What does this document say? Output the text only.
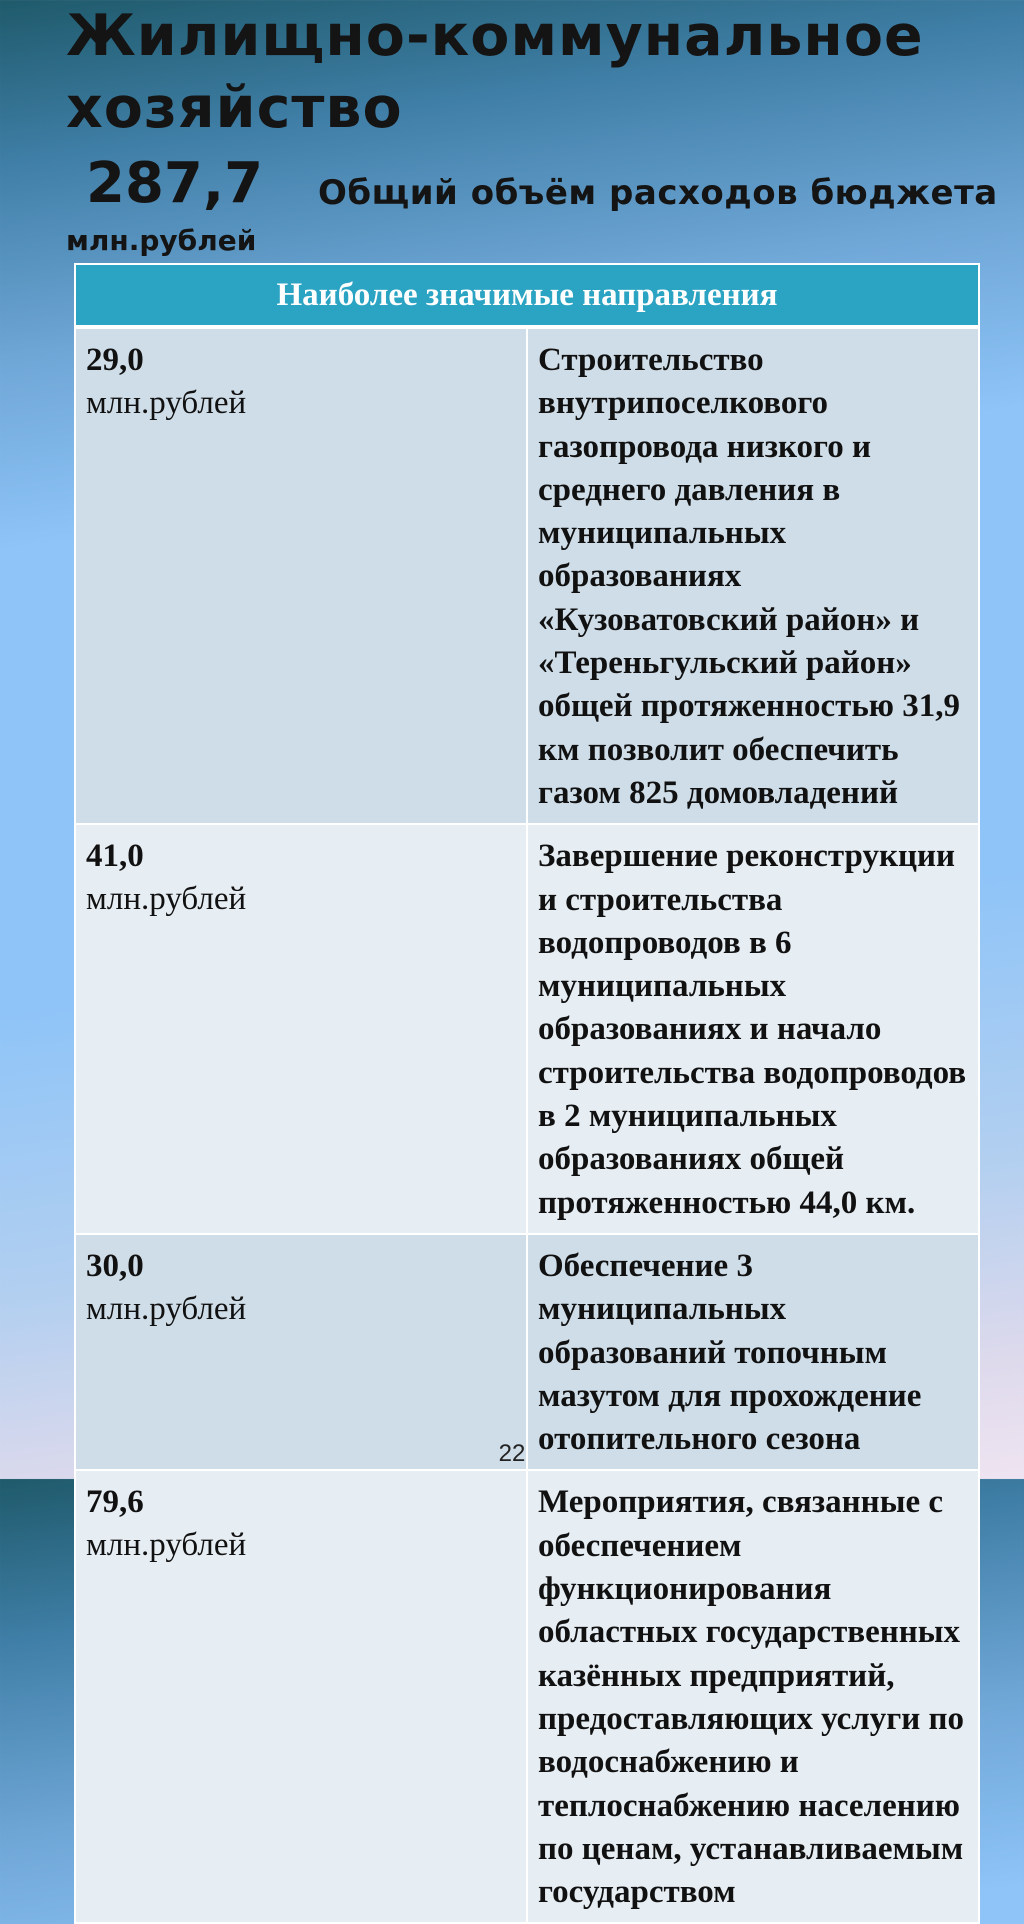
Жилищно-коммунальное хозяйство
287,7
млн.рублей
Общий объём расходов бюджета
Наиболее значимые направления	

29,0
млн.рублей	Строительство внутрипоселкового газопровода низкого и среднего давления в муниципальных образованиях «Кузоватовский район» и «Тереньгульский район» общей протяженностью 31,9 км позволит обеспечить газом 825 домовладений

41,0
млн.рублей	Завершение реконструкции и строительства водопроводов в 6 муниципальных образованиях и начало строительства водопроводов в 2 муниципальных образованиях общей протяженностью 44,0 км.

30,0
млн.рублей	Обеспечение 3 муниципальных образований топочным мазутом для прохождение отопительного сезона

79,6
млн.рублей	Мероприятия, связанные с обеспечением функционирования областных государственных казённых предприятий, предоставляющих услуги по водоснабжению и теплоснабжению населению по ценам, устанавливаемым государством
22
